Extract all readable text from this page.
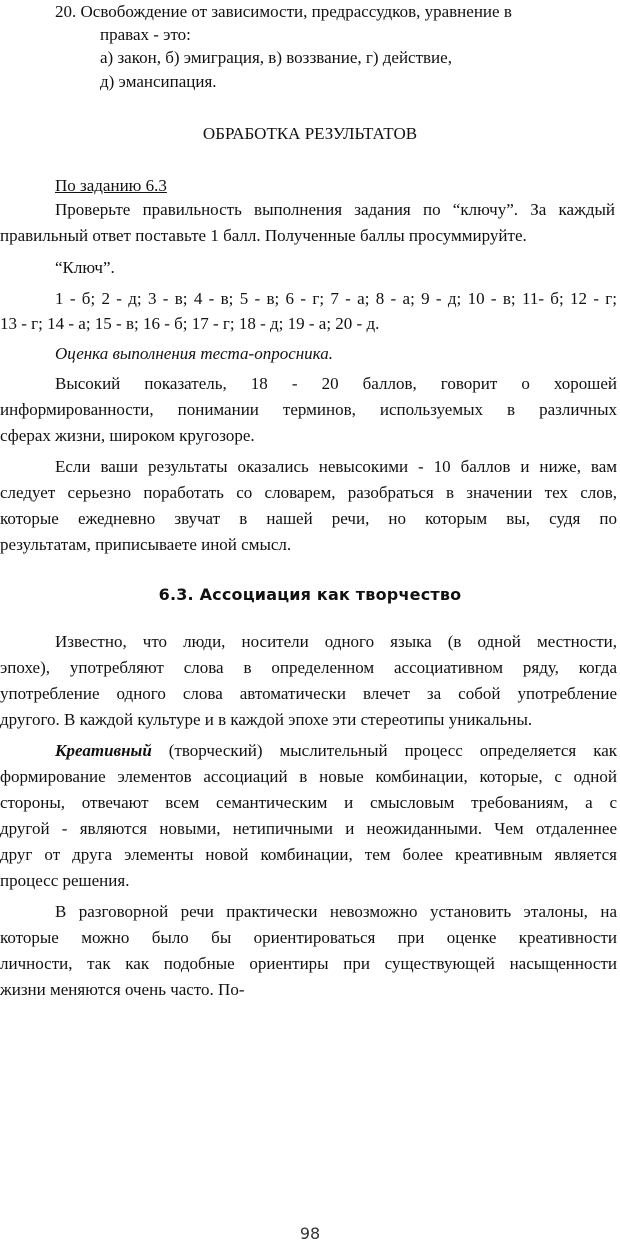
20. Освобождение от зависимости, предрассудков, уравнение в
правах - это:
а) закон, б) эмиграция, в) воззвание, г) действие,
д) эмансипация.
ОБРАБОТКА РЕЗУЛЬТАТОВ
По заданию 6.3
Проверьте правильность выполнения задания по “ключу”. За каждый
правильный ответ поставьте 1 балл. Полученные баллы просуммируйте.
“Ключ”.
1 - б; 2 - д; 3 - в; 4 - в; 5 - в; 6 - г; 7 - а; 8 - а; 9 - д; 10 - в; 11- б; 12 - г;
13 - г; 14 - а; 15 - в; 16 - б; 17 - г; 18 - д; 19 - а; 20 - д.
Оценка выполнения теста-опросника.
Высокий показатель, 18 - 20 баллов, говорит о хорошей
информированности, понимании терминов, используемых в различных
сферах жизни, широком кругозоре.
Если ваши результаты оказались невысокими - 10 баллов и ниже, вам
следует серьезно поработать со словарем, разобраться в значении тех слов,
которые ежедневно звучат в нашей речи, но которым вы, судя по
результатам, приписываете иной смысл.
6.3. Ассоциация как творчество
Известно, что люди, носители одного языка (в одной местности,
эпохе), употребляют слова в определенном ассоциативном ряду, когда
употребление одного слова автоматически влечет за собой употребление
другого. В каждой культуре и в каждой эпохе эти стереотипы уникальны.
Креативный (творческий) мыслительный процесс определяется как
формирование элементов ассоциаций в новые комбинации, которые, с одной
стороны, отвечают всем семантическим и смысловым требованиям, а с
другой - являются новыми, нетипичными и неожиданными. Чем отдаленнее
друг от друга элементы новой комбинации, тем более креативным является
процесс решения.
В разговорной речи практически невозможно установить эталоны, на
которые можно было бы ориентироваться при оценке креативности
личности, так как подобные ориентиры при существующей насыщенности
жизни меняются очень часто. По-
98
